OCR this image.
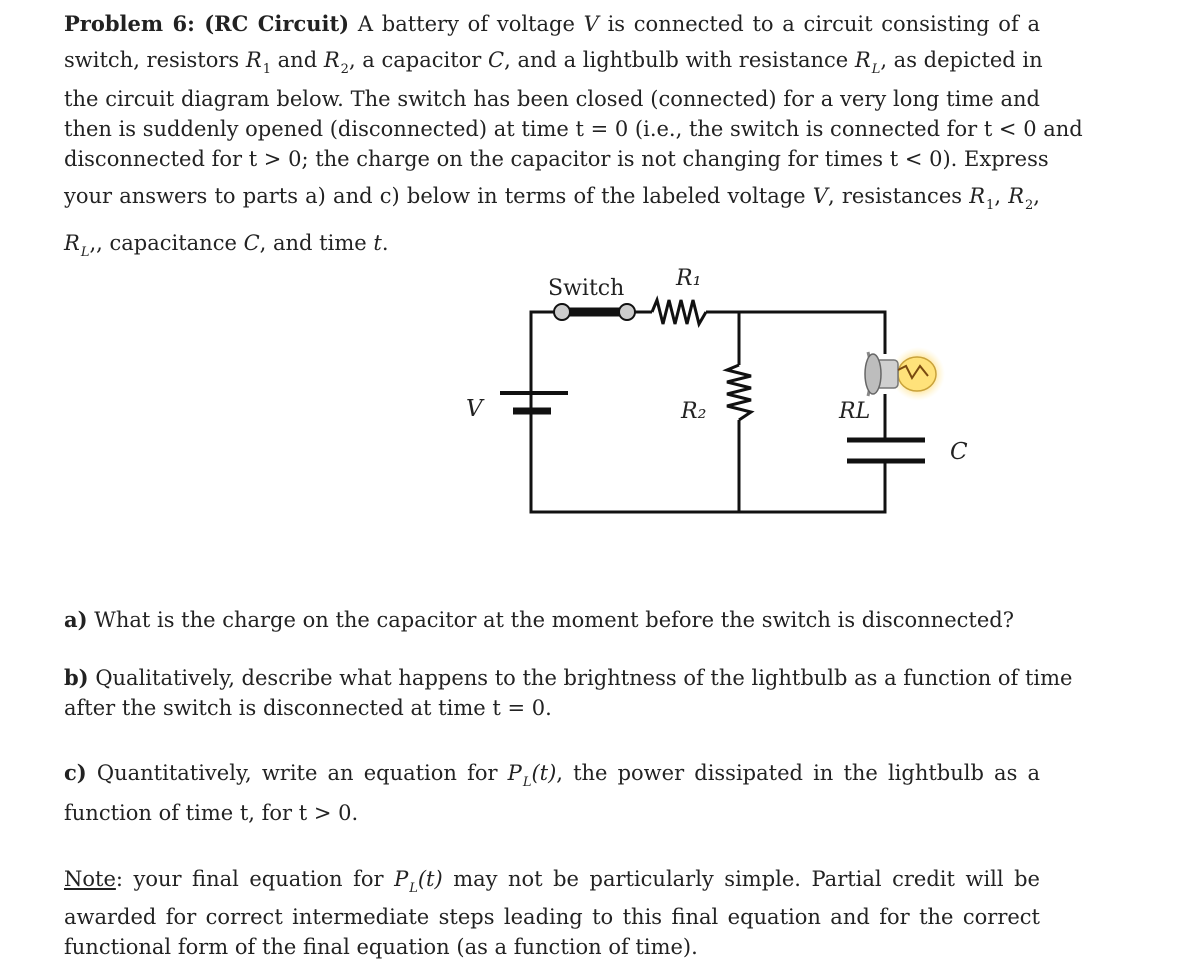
Problem 6: (RC Circuit) A battery of voltage V is connected to a circuit consisting of a
switch, resistors $R_1$ and $R_2$, a capacitor C, and a lightbulb with resistance $R_L$, as depicted in
the circuit diagram below. The switch has been closed (connected) for a very long time and
then is suddenly opened (disconnected) at time t = 0 (i.e., the switch is connected for t < 0 and
disconnected for t > 0; the charge on the capacitor is not changing for times t < 0). Express
your answers to parts a) and c) below in terms of the labeled voltage V, resistances $R_1$, $R_2$,
$R_L$,, capacitance C, and time t.
Switch R₁
R₂	RL
V
C
a) What is the charge on the capacitor at the moment before the switch is disconnected?
b) Qualitatively, describe what happens to the brightness of the lightbulb as a function of time
after the switch is disconnected at time t = 0.
c) Quantitatively, write an equation for $P_L(t)$, the power dissipated in the lightbulb as a
function of time t, for t > 0.
Note: your final equation for $P_L(t)$ may not be particularly simple. Partial credit will be
awarded for correct intermediate steps leading to this final equation and for the correct
functional form of the final equation (as a function of time).
